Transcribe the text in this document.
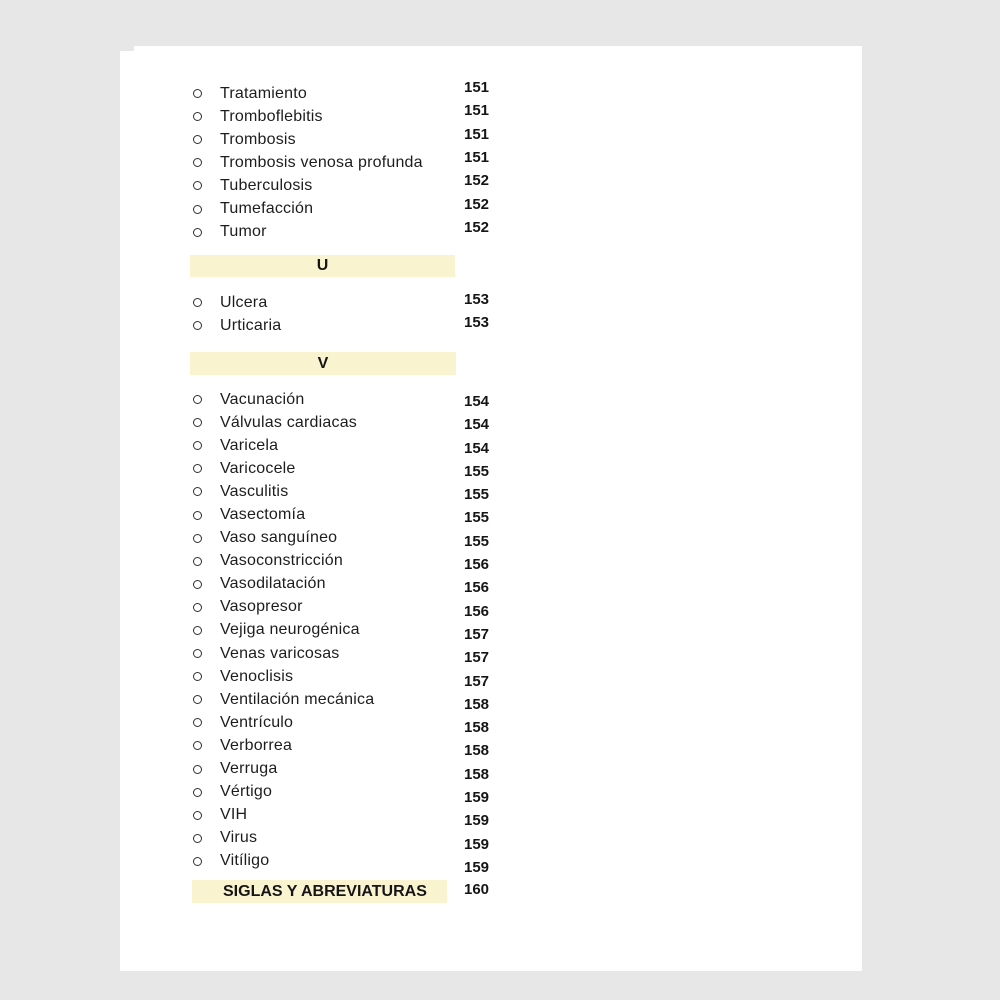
Tratamiento
Tromboflebitis
Trombosis
Trombosis venosa profunda
Tuberculosis
Tumefacción
Tumor
151
151
151
151
152
152
152
U
Ulcera
Urticaria
153
153
V
Vacunación
Válvulas cardiacas
Varicela
Varicocele
Vasculitis
Vasectomía
Vaso sanguíneo
Vasoconstricción
Vasodilatación
Vasopresor
Vejiga neurogénica
Venas varicosas
Venoclisis
Ventilación mecánica
Ventrículo
Verborrea
Verruga
Vértigo
VIH
Virus
Vitíligo
154
154
154
155
155
155
155
156
156
156
157
157
157
158
158
158
158
159
159
159
159
SIGLAS Y ABREVIATURAS 160
